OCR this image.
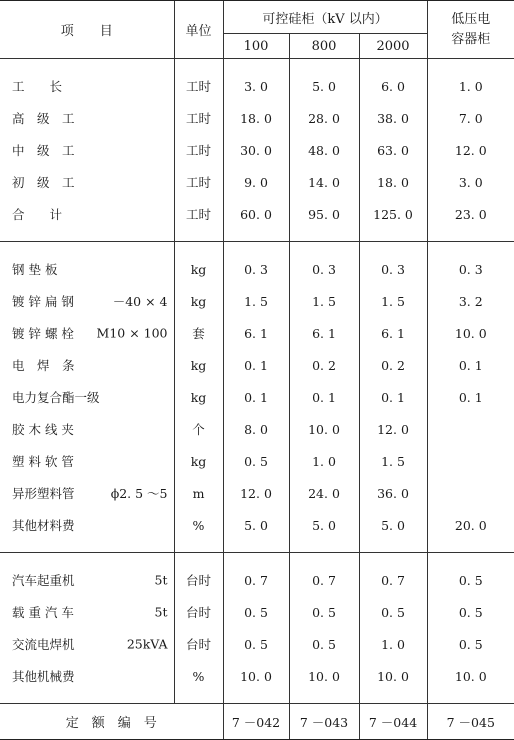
项　　目	单位	可控硅柜（kV 以内）			低压电
容器柜

		100	800	2000	

工　　长	工时	3. 0	5. 0	6. 0	1. 0
高　级　工	工时	18. 0	28. 0	38. 0	7. 0
中　级　工	工时	30. 0	48. 0	63. 0	12. 0
初　级　工	工时	9. 0	14. 0	18. 0	3. 0
合　　计	工时	60. 0	95. 0	125. 0	23. 0

钢 垫 板	kg	0. 3	0. 3	0. 3	0. 3
镀 锌 扁 钢 －40 × 4	kg	1. 5	1. 5	1. 5	3. 2
镀 锌 螺 栓 M10 × 100	套	6. 1	6. 1	6. 1	10. 0
电　焊　条	kg	0. 1	0. 2	0. 2	0. 1
电力复合酯一级	kg	0. 1	0. 1	0. 1	0. 1
胶 木 线 夹	个	8. 0	10. 0	12. 0	
塑 料 软 管	kg	0. 5	1. 0	1. 5	
异形塑料管 ϕ2. 5 ～5	m	12. 0	24. 0	36. 0	
其他材料费	%	5. 0	5. 0	5. 0	20. 0

汽车起重机 5t	台时	0. 7	0. 7	0. 7	0. 5
载 重 汽 车 5t	台时	0. 5	0. 5	0. 5	0. 5
交流电焊机 25kVA	台时	0. 5	0. 5	1. 0	0. 5
其他机械费	%	10. 0	10. 0	10. 0	10. 0

定　额　编　号		7 －042	7 －043	7 －044	7 －045
